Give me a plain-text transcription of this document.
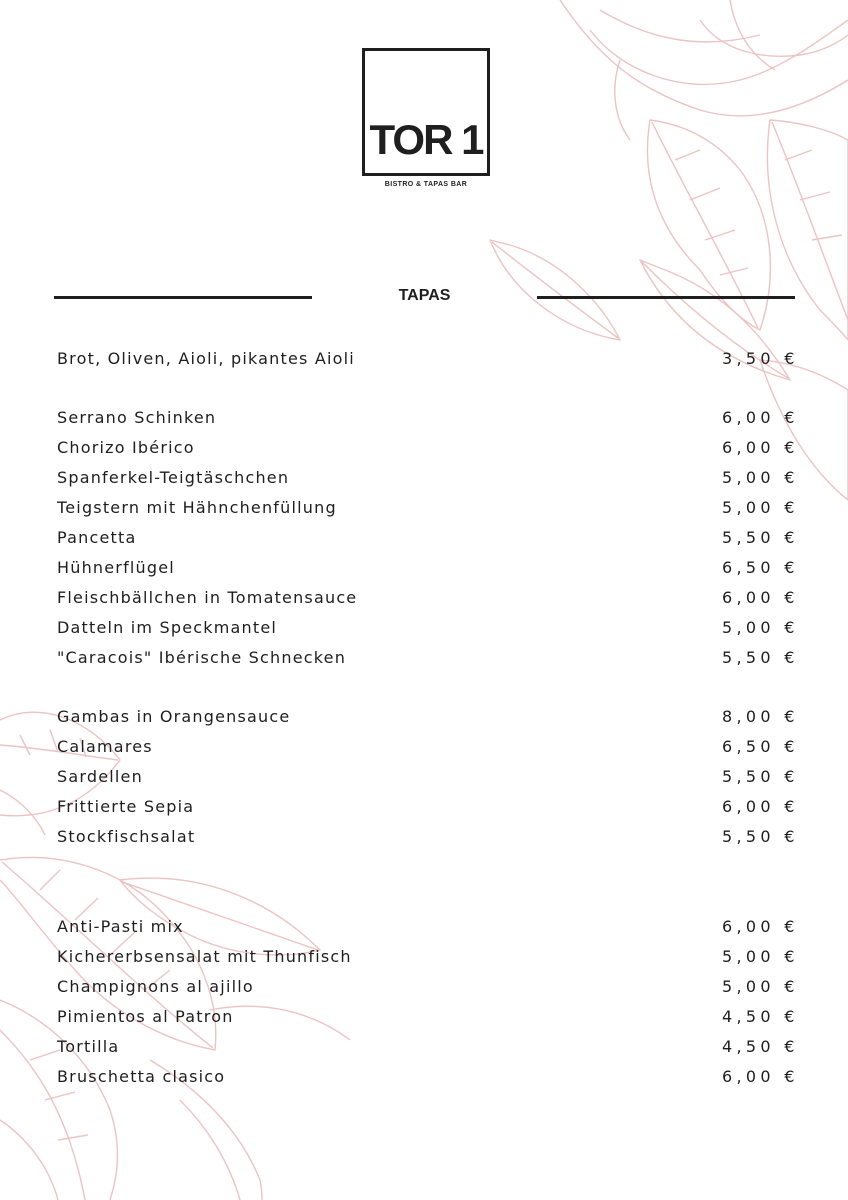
TOR 1
BISTRO & TAPAS BAR
TAPAS
Brot, Oliven, Aioli, pikantes Aioli	3,50 €
Serrano Schinken	6,00 €
Chorizo Ibérico	6,00 €
Spanferkel-Teigtäschchen	5,00 €
Teigstern mit Hähnchenfüllung	5,00 €
Pancetta	5,50 €
Hühnerflügel	6,50 €
Fleischbällchen in Tomatensauce	6,00 €
Datteln im Speckmantel	5,00 €
"Caracois" Ibérische Schnecken	5,50 €
Gambas in Orangensauce	8,00 €
Calamares	6,50 €
Sardellen	5,50 €
Frittierte Sepia	6,00 €
Stockfischsalat	5,50 €
Anti-Pasti mix	6,00 €
Kichererbsensalat mit Thunfisch	5,00 €
Champignons al ajillo	5,00 €
Pimientos al Patron	4,50 €
Tortilla	4,50 €
Bruschetta clasico	6,00 €
